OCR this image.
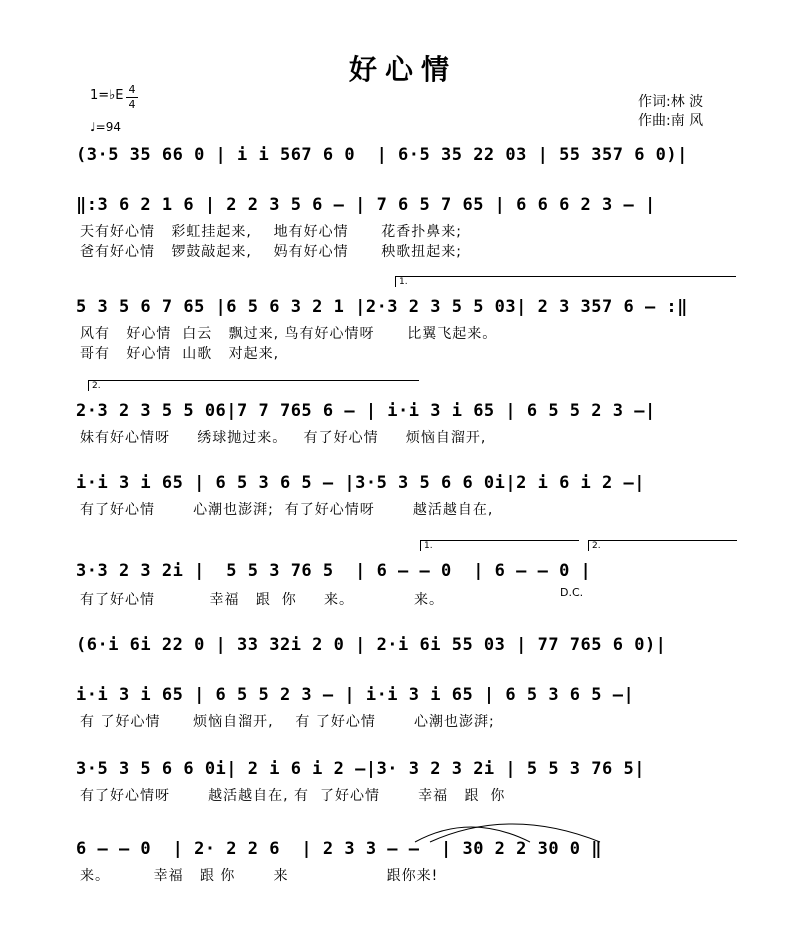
好心情
1=♭E 4
4
♩=94
作词:林 波
作曲:南 风
(3·5 35 66 0 | i i 567 6 0  | 6·5 35 22 03 | 55 357 6 0)|
‖:3 6 2 1 6 | 2 2 3 5 6 – | 7 6 5 7 65 | 6 6 6 2 3 – |
天有好心情   彩虹挂起来,    地有好心情      花香扑鼻来;
爸有好心情   锣鼓敲起来,    妈有好心情      秧歌扭起来;
1.
5 3 5 6 7 65 |6 5 6 3 2 1 |2·3 2 3 5 5 03| 2 3 357 6 – :‖
风有   好心情  白云   飘过来, 鸟有好心情呀      比翼飞起来。
哥有   好心情  山歌   对起来,
2.
2·3 2 3 5 5 06|7 7 765 6 – | i·i 3 i 65 | 6 5 5 2 3 –|
妹有好心情呀     绣球抛过来。   有了好心情     烦恼自溜开,
i·i 3 i 65 | 6 5 3 6 5 – |3·5 3 5 6 6 0i|2 i 6 i 2 –|
有了好心情       心潮也澎湃;  有了好心情呀       越活越自在,
1.	2.
3·3 2 3 2i |  5 5 3 76 5  | 6 – – 0  | 6 – – 0 |
有了好心情          幸福   跟  你     来。           来。	D.C.
(6·i 6i 22 0 | 33 32i 2 0 | 2·i 6i 55 03 | 77 765 6 0)|
i·i 3 i 65 | 6 5 5 2 3 – | i·i 3 i 65 | 6 5 3 6 5 –|
有 了好心情      烦恼自溜开,    有 了好心情       心潮也澎湃;
3·5 3 5 6 6 0i| 2 i 6 i 2 –|3· 3 2 3 2i | 5 5 3 76 5|
有了好心情呀       越活越自在, 有  了好心情       幸福   跟  你
6 – – 0  | 2· 2 2 6  | 2 3 3 – –  | 30 2 2 30 0 ‖
来。        幸福   跟 你       来                  跟你来!
